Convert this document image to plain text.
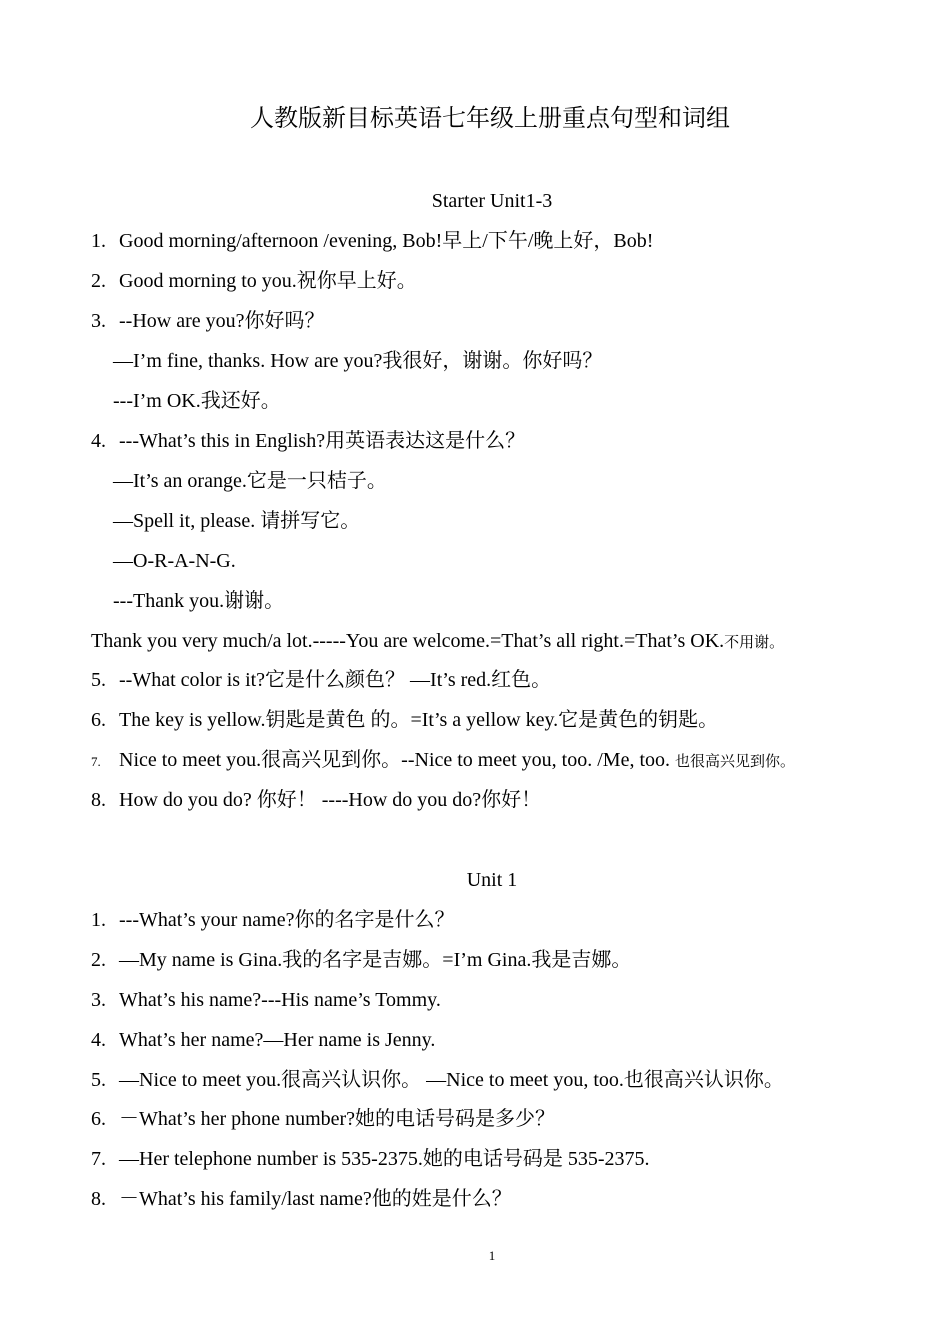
人教版新目标英语七年级上册重点句型和词组
Starter Unit1-3
1. Good morning/afternoon /evening, Bob!早上/下午/晚上好，Bob!
2. Good morning to you.祝你早上好。
3. --How are you?你好吗？
—I’m fine, thanks. How are you?我很好，谢谢。你好吗？
---I’m OK.我还好。
4. ---What’s this in English?用英语表达这是什么？
—It’s an orange.它是一只桔子。
—Spell it, please. 请拼写它。
—O-R-A-N-G.
---Thank you.谢谢。
Thank you very much/a lot.-----You are welcome.=That’s all right.=That’s OK.不用谢。
5. --What color is it?它是什么颜色？ —It’s red.红色。
6. The key is yellow.钥匙是黄色 的。=It’s a yellow key.它是黄色的钥匙。
7. Nice to meet you.很高兴见到你。--Nice to meet you, too. /Me, too. 也很高兴见到你。
8. How do you do? 你好！ ----How do you do?你好！
Unit 1
1. ---What’s your name?你的名字是什么？
2. —My name is Gina.我的名字是吉娜。=I’m Gina.我是吉娜。
3. What’s his name?---His name’s Tommy.
4. What’s her name?—Her name is Jenny.
5. —Nice to meet you.很高兴认识你。 —Nice to meet you, too.也很高兴认识你。
6. －What’s her phone number?她的电话号码是多少？
7. —Her telephone number is 535-2375.她的电话号码是 535-2375.
8. －What’s his family/last name?他的姓是什么？
1
